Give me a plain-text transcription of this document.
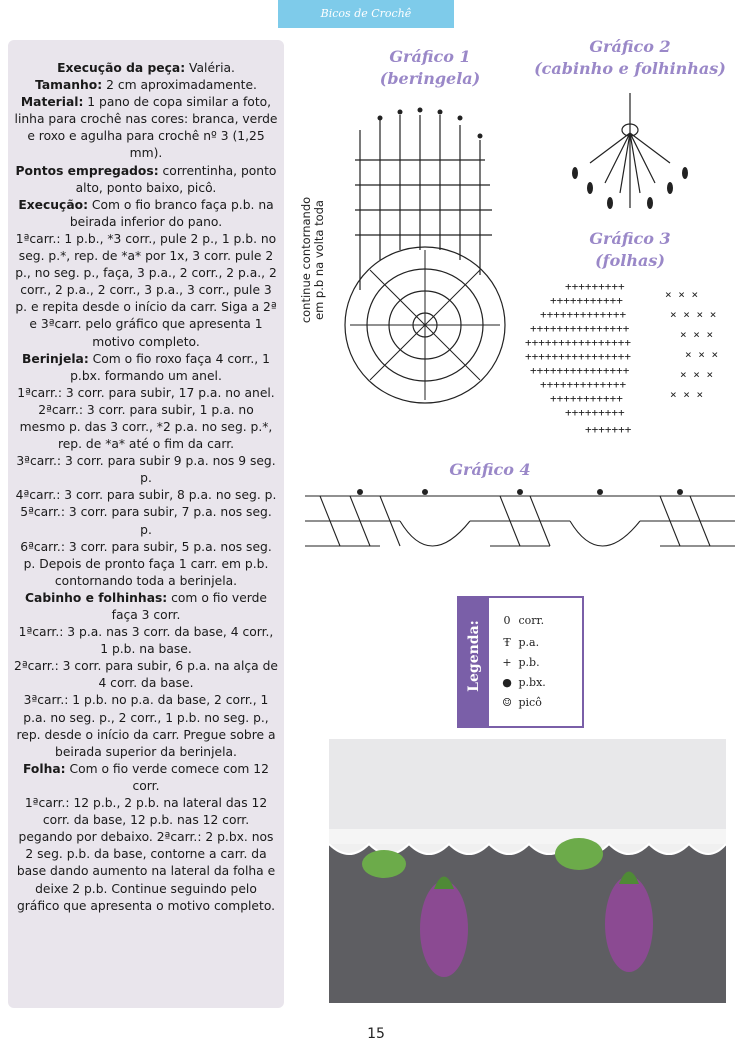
Bicos de Crochê

Execução da peça: Valéria.

Tamanho: 2 cm aproximadamente.

Material: 1 pano de copa similar a foto, linha para crochê nas cores: branca, verde e roxo e agulha para crochê nº 3 (1,25 mm).

Pontos empregados: correntinha, ponto alto, ponto baixo, picô.

Execução: Com o fio branco faça p.b. na beirada inferior do pano.

1ªcarr.: 1 p.b., *3 corr., pule 2 p., 1 p.b. no seg. p.*, rep. de *a* por 1x, 3 corr. pule 2 p., no seg. p., faça, 3 p.a., 2 corr., 2 p.a., 2 corr., 2 p.a., 2 corr., 3 p.a., 3 corr., pule 3 p. e repita desde o início da carr. Siga a 2ª e 3ªcarr. pelo gráfico que apresenta 1 motivo completo.

Berinjela: Com o fio roxo faça 4 corr., 1 p.bx. formando um anel.

1ªcarr.: 3 corr. para subir, 17 p.a. no anel.

2ªcarr.: 3 corr. para subir, 1 p.a. no mesmo p. das 3 corr., *2 p.a. no seg. p.*, rep. de *a* até o fim da carr.

3ªcarr.: 3 corr. para subir 9 p.a. nos 9 seg. p.

4ªcarr.: 3 corr. para subir, 8 p.a. no seg. p.

5ªcarr.: 3 corr. para subir, 7 p.a. nos seg. p.

6ªcarr.: 3 corr. para subir, 5 p.a. nos seg. p. Depois de pronto faça 1 carr. em p.b. contornando toda a berinjela.

Cabinho e folhinhas: com o fio verde faça 3 corr.

1ªcarr.: 3 p.a. nas 3 corr. da base, 4 corr., 1 p.b. na base.

2ªcarr.: 3 corr. para subir, 6 p.a. na alça de 4 corr. da base.

3ªcarr.: 1 p.b. no p.a. da base, 2 corr., 1 p.a. no seg. p., 2 corr., 1 p.b. no seg. p., rep. desde o início da carr. Pregue sobre a beirada superior da berinjela.

Folha: Com o fio verde comece com 12 corr.

1ªcarr.: 12 p.b., 2 p.b. na lateral das 12 corr. da base, 12 p.b. nas 12 corr. pegando por debaixo. 2ªcarr.: 2 p.bx. nos 2 seg. p.b. da base, contorne a carr. da base dando aumento na lateral da folha e deixe 2 p.b. Continue seguindo pelo gráfico que apresenta o motivo completo.

Gráfico 1
(beringela)
Gráfico 2
(cabinho e folhinhas)
Gráfico 3
(folhas)
Gráfico 4
continue contornando em p.b na volta toda	+++++++++
+++++++++++
+++++++++++++
+++++++++++++++
++++++++++++++++
++++++++++++++++
+++++++++++++++
+++++++++++++
+++++++++++
+++++++++
+++++++
× × ×
× × × ×
× × ×
× × ×
× × ×
× × ×
Legenda:	0 corr.
Ŧ p.a.
+ p.b.
● p.bx.
☺ picô
15
